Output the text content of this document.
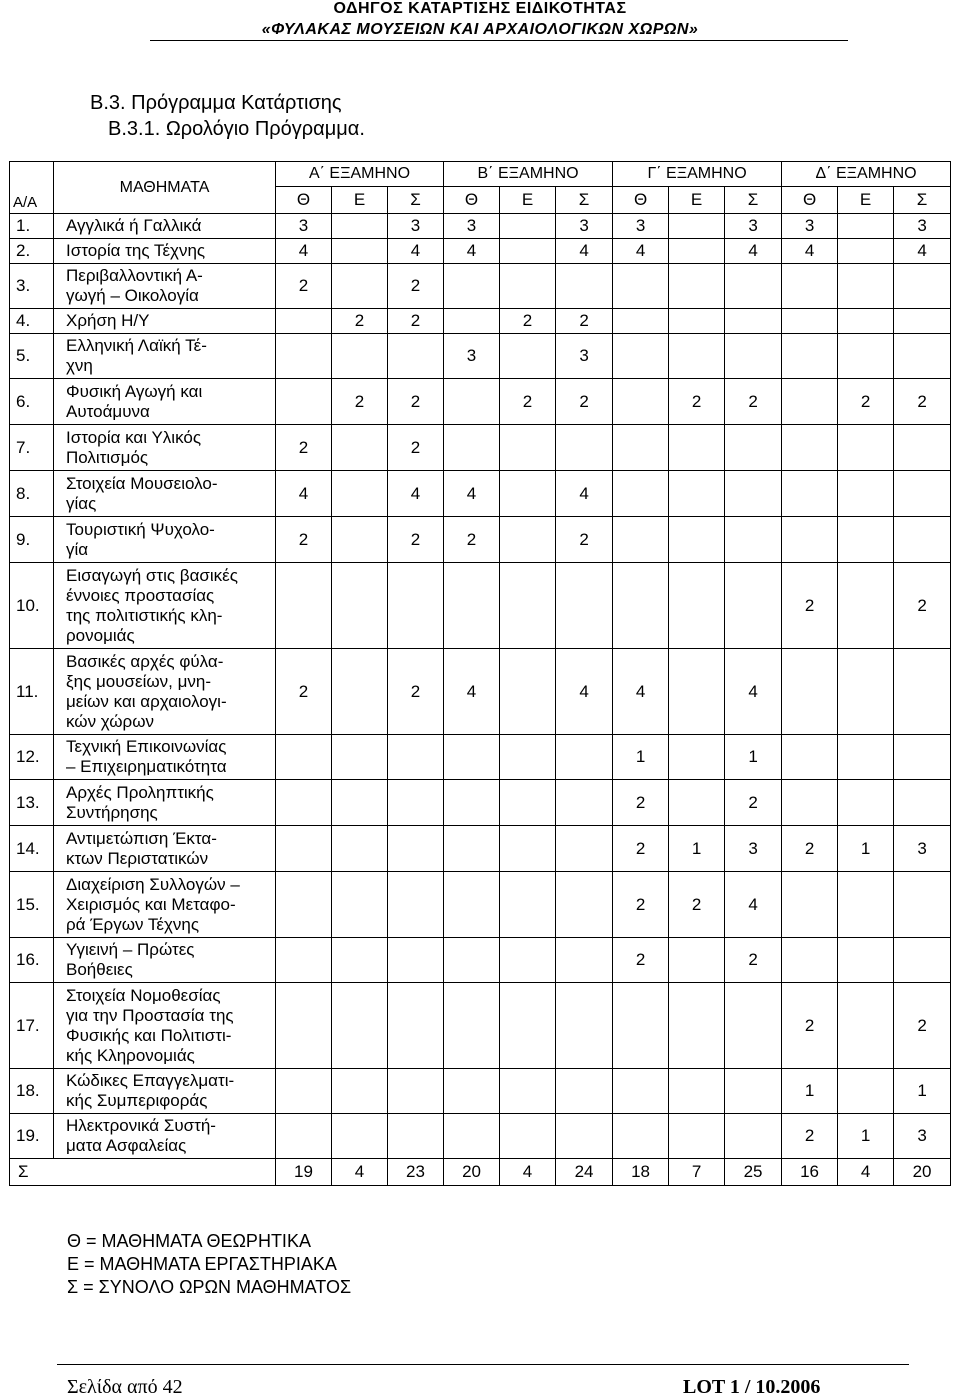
ΟΔΗΓΟΣ ΚΑΤΑΡΤΙΣΗΣ ΕΙΔΙΚΟΤΗΤΑΣ
«ΦΥΛΑΚΑΣ ΜΟΥΣΕΙΩΝ ΚΑΙ ΑΡΧΑΙΟΛΟΓΙΚΩΝ ΧΩΡΩΝ»
Β.3. Πρόγραμμα Κατάρτισης
Β.3.1. Ωρολόγιο Πρόγραμμα.
Α/Α	ΜΑΘΗΜΑΤΑ	Α΄ ΕΞΑΜΗΝΟ			Β΄ ΕΞΑΜΗΝΟ			Γ΄ ΕΞΑΜΗΝΟ			Δ΄ ΕΞΑΜΗΝΟ		
		Θ	Ε	Σ	Θ	Ε	Σ	Θ	Ε	Σ	Θ	Ε	Σ
1.	Αγγλικά ή Γαλλικά	3		3	3		3	3		3	3		3
2.	Ιστορία της Τέχνης	4		4	4		4	4		4	4		4
3.	Περιβαλλοντική Α-
γωγή – Οικολογία	2		2									
4.	Χρήση Η/Υ		2	2		2	2						
5.	Ελληνική Λαϊκή Τέ-
χνη				3		3						
6.	Φυσική Αγωγή και
Αυτοάμυνα		2	2		2	2		2	2		2	2
7.	Ιστορία και Υλικός
Πολιτισμός	2		2									
8.	Στοιχεία Μουσειολο-
γίας	4		4	4		4						
9.	Τουριστική Ψυχολο-
γία	2		2	2		2						
10.	Εισαγωγή στις βασικές
έννοιες προστασίας
της πολιτιστικής κλη-
ρονομιάς										2		2
11.	Βασικές αρχές φύλα-
ξης μουσείων, μνη-
μείων και αρχαιολογι-
κών χώρων	2		2	4		4	4		4			
12.	Τεχνική Επικοινωνίας
– Επιχειρηματικότητα							1		1			
13.	Αρχές Προληπτικής
Συντήρησης							2		2			
14.	Αντιμετώπιση Έκτα-
κτων Περιστατικών							2	1	3	2	1	3
15.	Διαχείριση Συλλογών –
Χειρισμός και Μεταφο-
ρά Έργων Τέχνης							2	2	4			
16.	Υγιεινή – Πρώτες
Βοήθειες							2		2			
17.	Στοιχεία Νομοθεσίας
για την Προστασία της
Φυσικής και Πολιτιστι-
κής Κληρονομιάς										2		2
18.	Κώδικες Επαγγελματι-
κής Συμπεριφοράς										1		1
19.	Ηλεκτρονικά Συστή-
ματα Ασφαλείας										2	1	3
Σ		19	4	23	20	4	24	18	7	25	16	4	20
Θ = ΜΑΘΗΜΑΤΑ ΘΕΩΡΗΤΙΚΑ
Ε = ΜΑΘΗΜΑΤΑ ΕΡΓΑΣΤΗΡΙΑΚΑ
Σ = ΣΥΝΟΛΟ ΩΡΩΝ ΜΑΘΗΜΑΤΟΣ
Σελίδα από 42	LOT 1 / 10.2006
